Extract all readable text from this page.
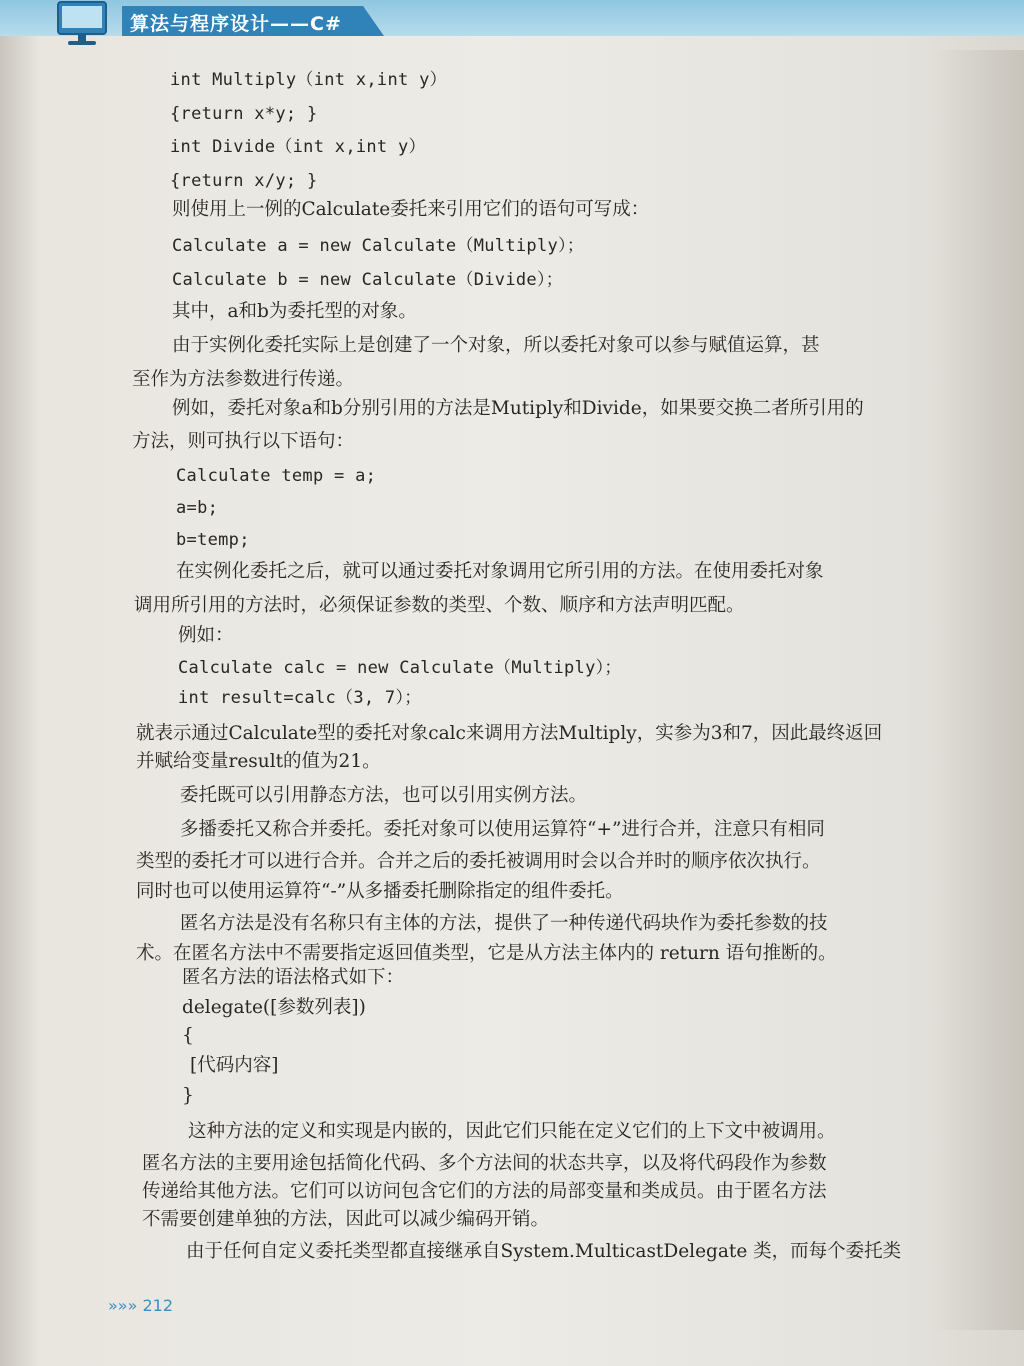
算法与程序设计——C#
int Multiply（int x,int y）
{return x*y; }
int Divide（int x,int y）
{return x/y; }
则使用上一例的Calculate委托来引用它们的语句可写成：
Calculate a = new Calculate（Multiply）；
Calculate b = new Calculate（Divide）；
其中，a和b为委托型的对象。
由于实例化委托实际上是创建了一个对象，所以委托对象可以参与赋值运算，甚
至作为方法参数进行传递。
例如，委托对象a和b分别引用的方法是Mutiply和Divide，如果要交换二者所引用的
方法，则可执行以下语句：
Calculate temp = a;
a=b;
b=temp;
在实例化委托之后，就可以通过委托对象调用它所引用的方法。在使用委托对象
调用所引用的方法时，必须保证参数的类型、个数、顺序和方法声明匹配。
例如：
Calculate calc = new Calculate（Multiply）；
int result=calc（3, 7）；
就表示通过Calculate型的委托对象calc来调用方法Multiply，实参为3和7，因此最终返回
并赋给变量result的值为21。
委托既可以引用静态方法，也可以引用实例方法。
多播委托又称合并委托。委托对象可以使用运算符“+”进行合并，注意只有相同
类型的委托才可以进行合并。合并之后的委托被调用时会以合并时的顺序依次执行。
同时也可以使用运算符“-”从多播委托删除指定的组件委托。
匿名方法是没有名称只有主体的方法，提供了一种传递代码块作为委托参数的技
术。在匿名方法中不需要指定返回值类型，它是从方法主体内的 return 语句推断的。
匿名方法的语法格式如下：
delegate([参数列表])
{
[代码内容]
}
这种方法的定义和实现是内嵌的，因此它们只能在定义它们的上下文中被调用。
匿名方法的主要用途包括简化代码、多个方法间的状态共享，以及将代码段作为参数
传递给其他方法。它们可以访问包含它们的方法的局部变量和类成员。由于匿名方法
不需要创建单独的方法，因此可以减少编码开销。
由于任何自定义委托类型都直接继承自System.MulticastDelegate 类，而每个委托类
»»» 212
